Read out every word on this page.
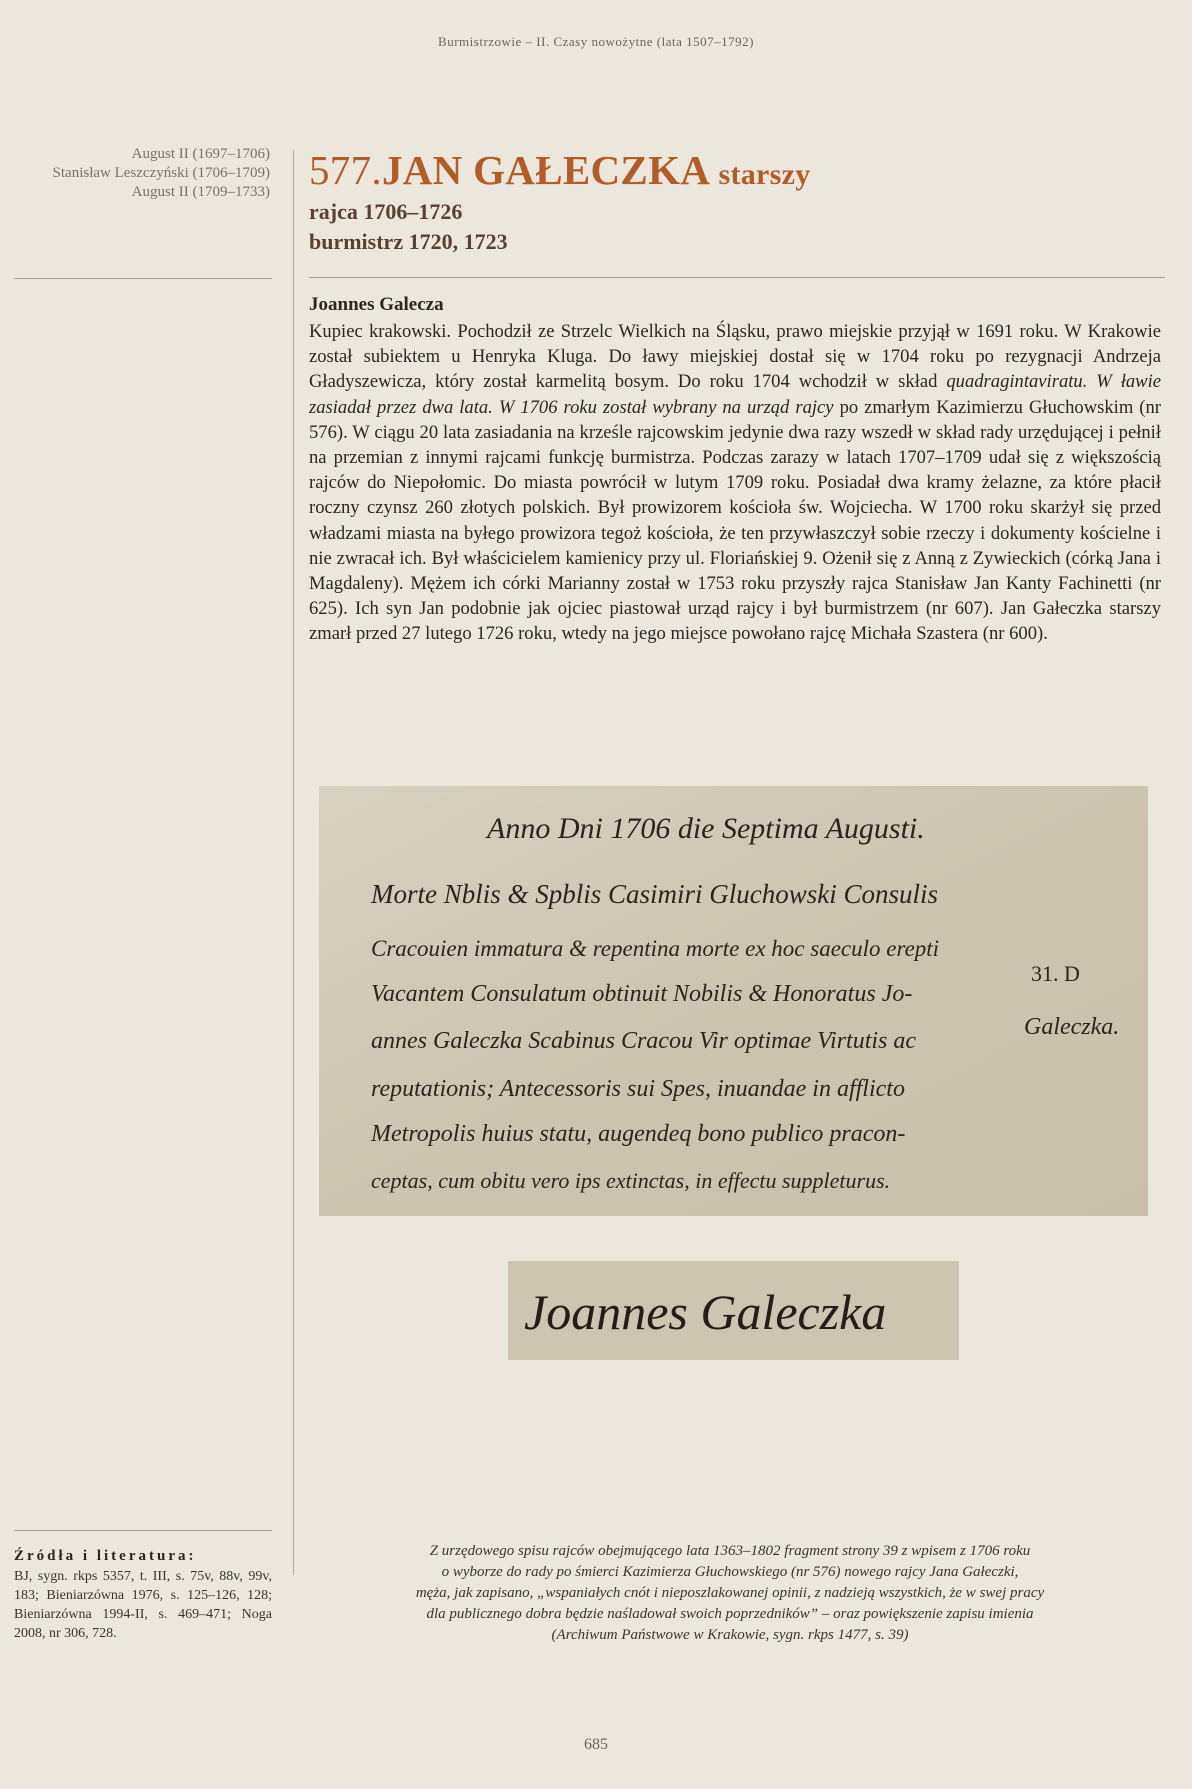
Burmistrzowie – II. Czasy nowożytne (lata 1507–1792)
August II (1697–1706)
Stanisław Leszczyński (1706–1709)
August II (1709–1733) 577.JAN GAŁECZKA starszy
rajca 1706–1726
burmistrz 1720, 1723
Joannes Galecza

Kupiec krakowski. Pochodził ze Strzelc Wielkich na Śląsku, prawo miejskie przyjął w 1691 roku. W Krakowie został subiektem u Henryka Kluga. Do ławy miejskiej dostał się w 1704 roku po rezygnacji Andrzeja Gładyszewicza, który został karmelitą bosym. Do roku 1704 wchodził w skład quadragintaviratu. W ławie zasiadał przez dwa lata. W 1706 roku został wybrany na urząd rajcy po zmarłym Kazimierzu Głuchowskim (nr 576). W ciągu 20 lata zasiadania na krześle rajcowskim jedynie dwa razy wszedł w skład rady urzędującej i pełnił na przemian z innymi rajcami funkcję burmistrza. Podczas zarazy w latach 1707–1709 udał się z większością rajców do Niepołomic. Do miasta powrócił w lutym 1709 roku. Posiadał dwa kramy żelazne, za które płacił roczny czynsz 260 złotych polskich. Był prowizorem kościoła św. Wojciecha. W 1700 roku skarżył się przed władzami miasta na byłego prowizora tegoż kościoła, że ten przywłaszczył sobie rzeczy i dokumenty kościelne i nie zwracał ich. Był właścicielem kamienicy przy ul. Floriańskiej 9. Ożenił się z Anną z Zywieckich (córką Jana i Magdaleny). Mężem ich córki Marianny został w 1753 roku przyszły rajca Stanisław Jan Kanty Fachinetti (nr 625). Ich syn Jan podobnie jak ojciec piastował urząd rajcy i był burmistrzem (nr 607). Jan Gałeczka starszy zmarł przed 27 lutego 1726 roku, wtedy na jego miejsce powołano rajcę Michała Szastera (nr 600).

Anno Dni 1706 die Septima Augusti.
Morte Nblis & Spblis Casimiri Gluchowski Consulis
Cracouien immatura & repentina morte ex hoc saeculo erepti
Vacantem Consulatum obtinuit Nobilis & Honoratus Jo-
annes Galeczka Scabinus Cracou Vir optimae Virtutis ac
reputationis; Antecessoris sui Spes, inuandae in afflicto
Metropolis huius statu, augendeq bono publico pracon-
ceptas, cum obitu vero ips extinctas, in effectu suppleturus.
31. D
Galeczka.
Joannes Galeczka
Z urzędowego spisu rajców obejmującego lata 1363–1802 fragment strony 39 z wpisem z 1706 roku
o wyborze do rady po śmierci Kazimierza Głuchowskiego (nr 576) nowego rajcy Jana Gałeczki,
męża, jak zapisano, „wspaniałych cnót i nieposzlakowanej opinii, z nadzieją wszystkich, że w swej pracy
dla publicznego dobra będzie naśladował swoich poprzedników” – oraz powiększenie zapisu imienia
(Archiwum Państwowe w Krakowie, sygn. rkps 1477, s. 39)
Źródła i literatura:
BJ, sygn. rkps 5357, t. III, s. 75v, 88v, 99v, 183; Bieniarzówna 1976, s. 125–126, 128; Bieniarzówna 1994-II, s. 469–471; Noga 2008, nr 306, 728.
685
